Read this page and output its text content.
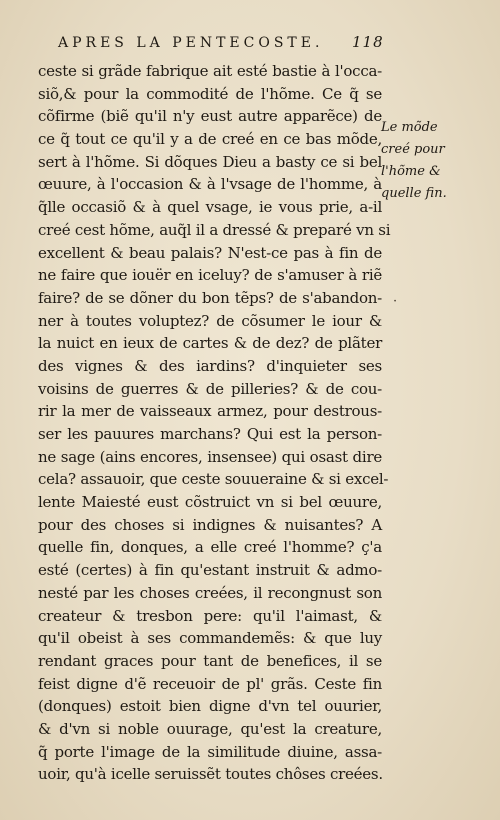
APRES LA PENTECOSTE.	118
ceste si grãde fabrique ait esté bastie à l'occa-
siõ,& pour la commodité de l'hõme. Ce q̃ se
cõfirme (biẽ qu'il n'y eust autre apparẽce) de
ce q̃ tout ce qu'il y a de creé en ce bas mõde,
sert à l'hõme. Si dõques Dieu a basty ce si bel
œuure, à l'occasion & à l'vsage de l'homme, à
q̃lle occasiõ & à quel vsage, ie vous prie, a-il
creé cest hõme, auq̃l il a dressé & preparé vn si
excellent & beau palais? N'est-ce pas à fin de
ne faire que iouër en iceluy? de s'amuser à riẽ
faire? de se dõner du bon tẽps? de s'abandon-
ner à toutes voluptez? de cõsumer le iour &
la nuict en ieux de cartes & de dez? de plãter
des vignes & des iardins? d'inquieter ses
voisins de guerres & de pilleries? & de cou-
rir la mer de vaisseaux armez, pour destrous-
ser les pauures marchans? Qui est la person-
ne sage (ains encores, insensee) qui osast dire
cela? assauoir, que ceste souueraine & si excel-
lente Maiesté eust cõstruict vn si bel œuure,
pour des choses si indignes & nuisantes? A
quelle fin, donques, a elle creé l'homme? ç'a
esté (certes) à fin qu'estant instruit & admo-
nesté par les choses creées, il recongnust son
createur & tresbon pere: qu'il l'aimast, &
qu'il obeist à ses commandemẽs: & que luy
rendant graces pour tant de benefices, il se
feist digne d'ẽ receuoir de pl' grãs. Ceste fin
(donques) estoit bien digne d'vn tel ouurier,
& d'vn si noble ouurage, qu'est la creature,
q̃ porte l'image de la similitude diuine, assa-
uoir, qu'à icelle seruissẽt toutes chôses creées.
Le mõde
creé pour
l'hõme &
quelle fin.
·
